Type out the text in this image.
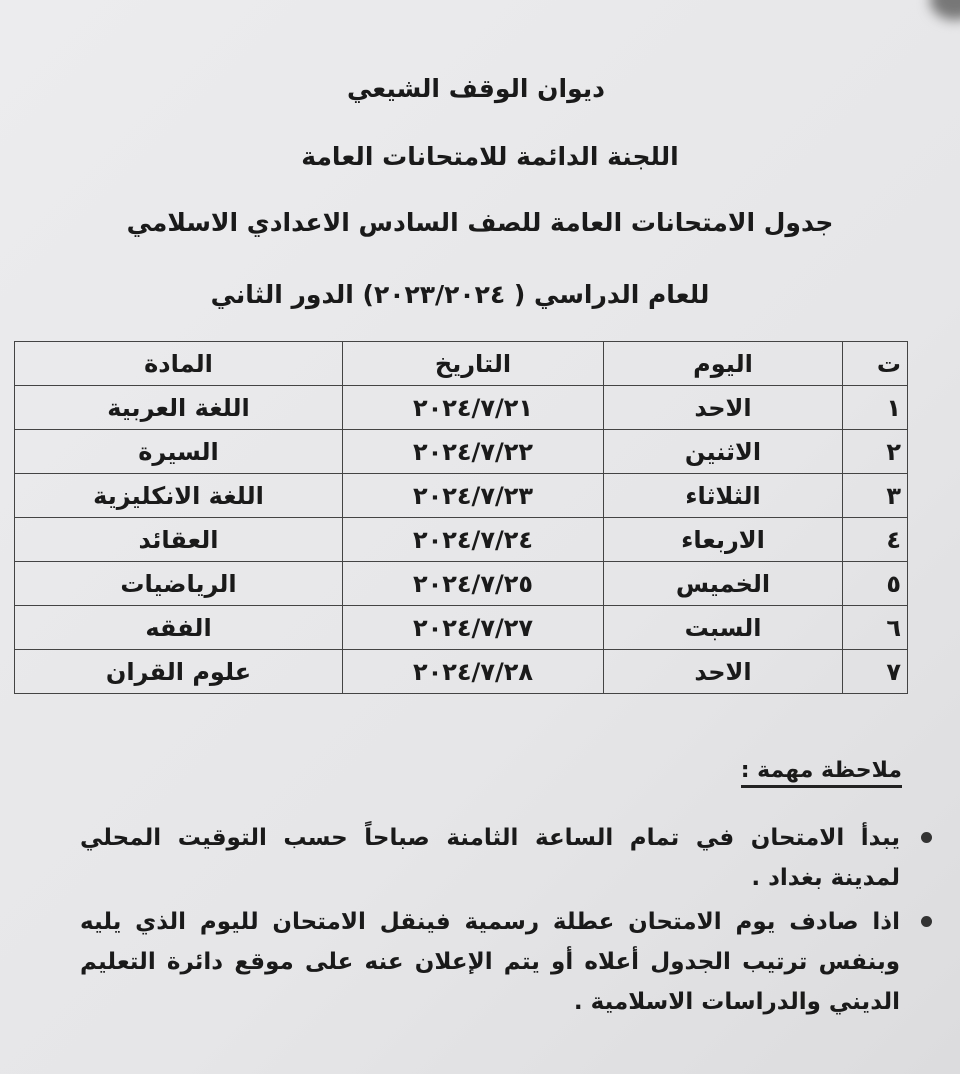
ديوان الوقف الشيعي
اللجنة الدائمة للامتحانات العامة
جدول الامتحانات العامة للصف السادس الاعدادي الاسلامي
للعام الدراسي ( ٢٠٢٣/٢٠٢٤) الدور الثاني
ت	اليوم	التاريخ	المادة
١	الاحد	٢٠٢٤/٧/٢١	اللغة العربية
٢	الاثنين	٢٠٢٤/٧/٢٢	السيرة
٣	الثلاثاء	٢٠٢٤/٧/٢٣	اللغة الانكليزية
٤	الاربعاء	٢٠٢٤/٧/٢٤	العقائد
٥	الخميس	٢٠٢٤/٧/٢٥	الرياضيات
٦	السبت	٢٠٢٤/٧/٢٧	الفقه
٧	الاحد	٢٠٢٤/٧/٢٨	علوم القران
ملاحظة مهمة :
يبدأ الامتحان في تمام الساعة الثامنة صباحاً حسب التوقيت المحلي لمدينة بغداد .
اذا صادف يوم الامتحان عطلة رسمية فينقل الامتحان لليوم الذي يليه وبنفس ترتيب الجدول أعلاه أو يتم الإعلان عنه على موقع دائرة التعليم الديني والدراسات الاسلامية .
